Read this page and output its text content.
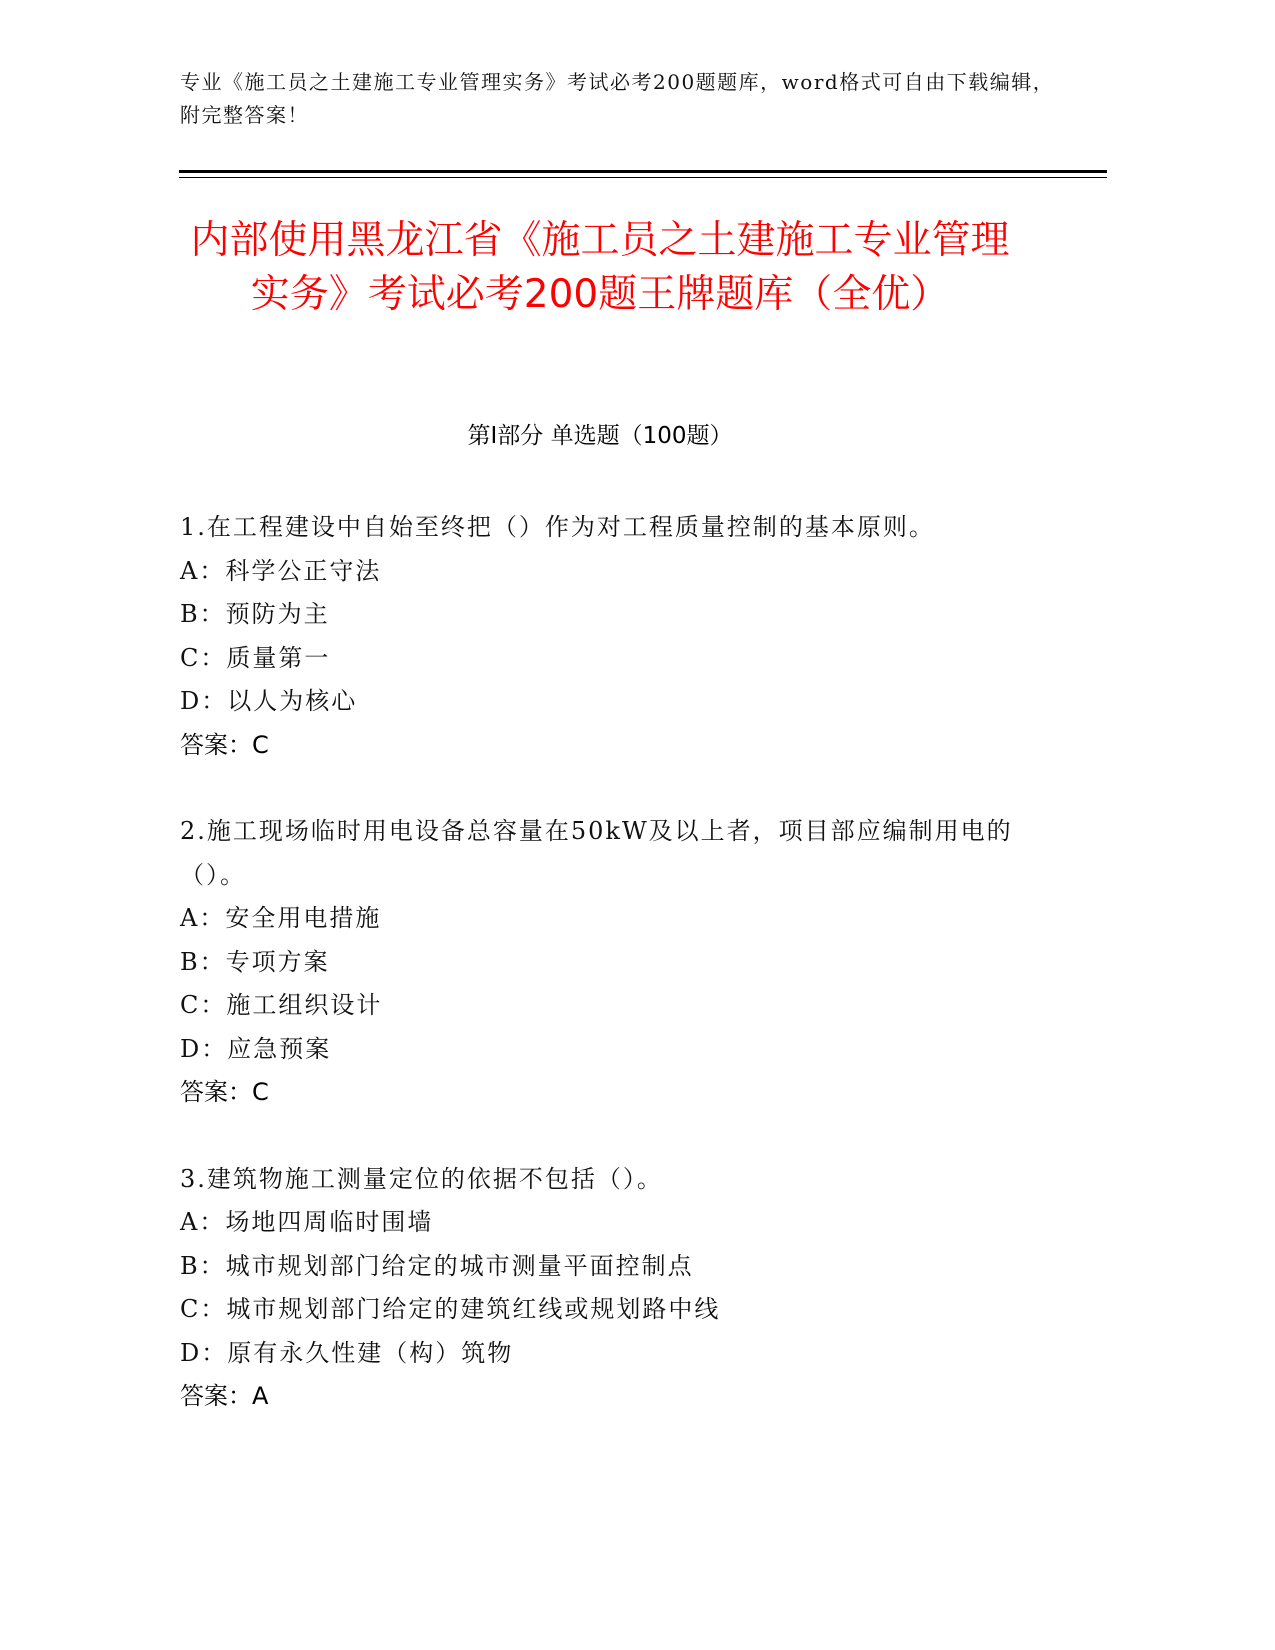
专业《施工员之土建施工专业管理实务》考试必考200题题库，word格式可自由下载编辑，附完整答案！
内部使用黑龙江省《施工员之土建施工专业管理实务》考试必考200题王牌题库（全优）
第Ⅰ部分 单选题（100题）
1.在工程建设中自始至终把（）作为对工程质量控制的基本原则。
A：科学公正守法
B：预防为主
C：质量第一
D：以人为核心
答案：C
2.施工现场临时用电设备总容量在50kW及以上者，项目部应编制用电的（）。
A：安全用电措施
B：专项方案
C：施工组织设计
D：应急预案
答案：C
3.建筑物施工测量定位的依据不包括（）。
A：场地四周临时围墙
B：城市规划部门给定的城市测量平面控制点
C：城市规划部门给定的建筑红线或规划路中线
D：原有永久性建（构）筑物
答案：A
